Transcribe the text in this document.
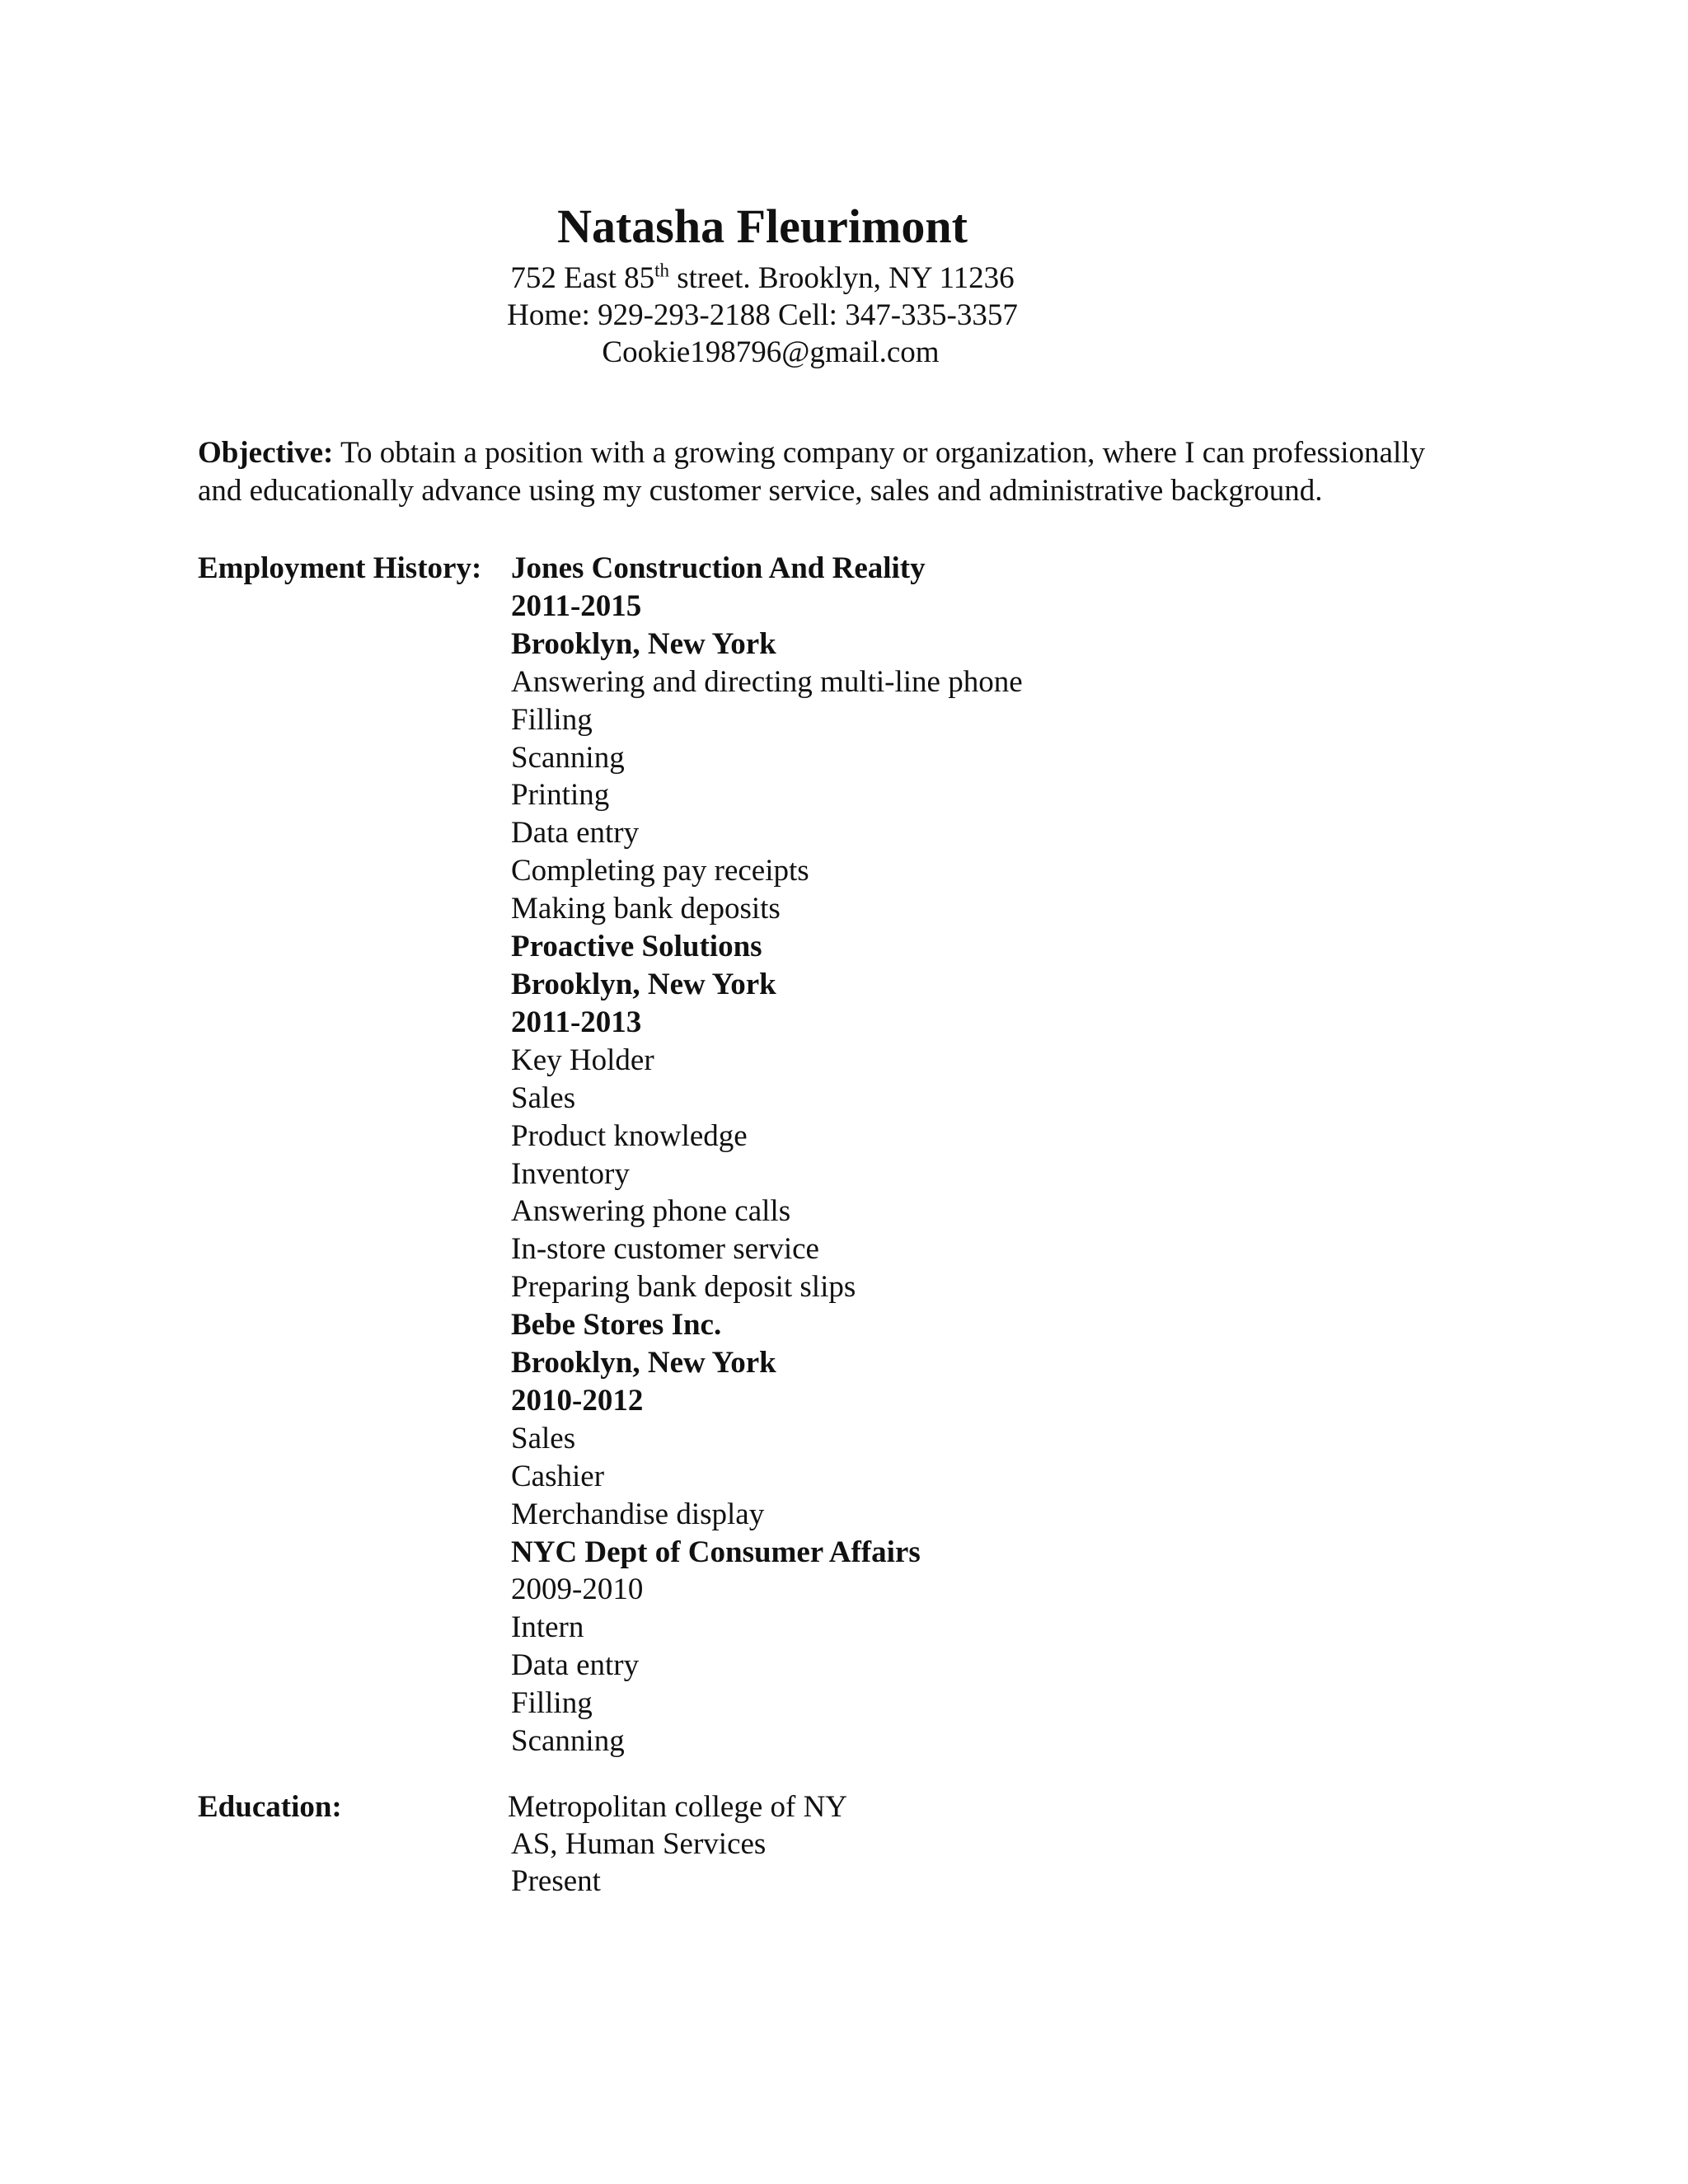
Natasha Fleurimont

752 East 85th street. Brooklyn, NY 11236

Home: 929-293-2188 Cell: 347-335-3357

Cookie198796@gmail.com

Objective: To obtain a position with a growing company or organization, where I can professionally and educationally advance using my customer service, sales and administrative background.

Employment History: Jones Construction And Reality
2011-2015
Brooklyn, New York
Answering and directing multi-line phone
Filling
Scanning
Printing
Data entry
Completing pay receipts
Making bank deposits
Proactive Solutions
Brooklyn, New York
2011-2013
Key Holder
Sales
Product knowledge
Inventory
Answering phone calls
In-store customer service
Preparing bank deposit slips
Bebe Stores Inc.
Brooklyn, New York
2010-2012
Sales
Cashier
Merchandise display
NYC Dept of Consumer Affairs
2009-2010
Intern
Data entry
Filling
Scanning
Education:	Metropolitan college of NY
AS, Human Services
Present
